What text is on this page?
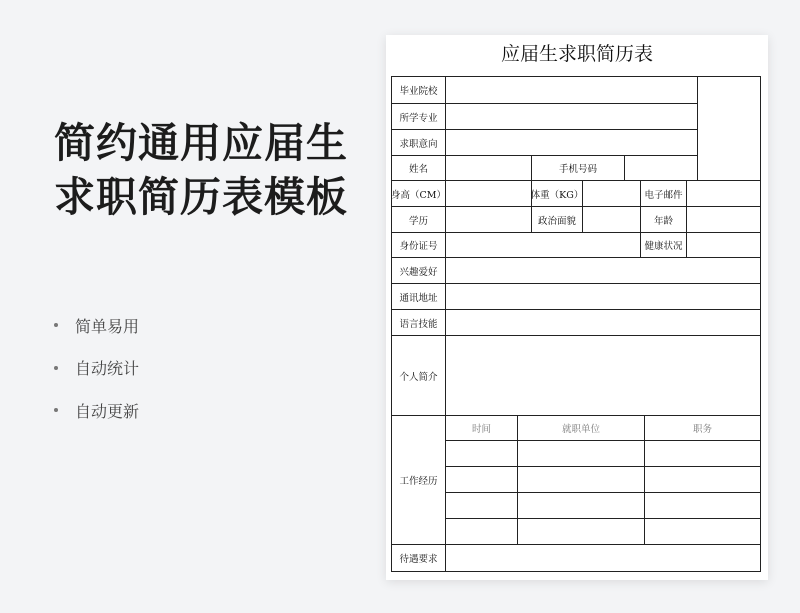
简约通用应届生
求职简历表模板
简单易用
自动统计
自动更新
应届生求职简历表
毕业院校
所学专业
求职意向
姓名	手机号码
身高（CM）	体重（KG）	电子邮件
学历	政治面貌	年龄
身份证号	健康状况
兴趣爱好
通讯地址
语言技能
个人简介
工作经历
时间	就职单位	职务
待遇要求
